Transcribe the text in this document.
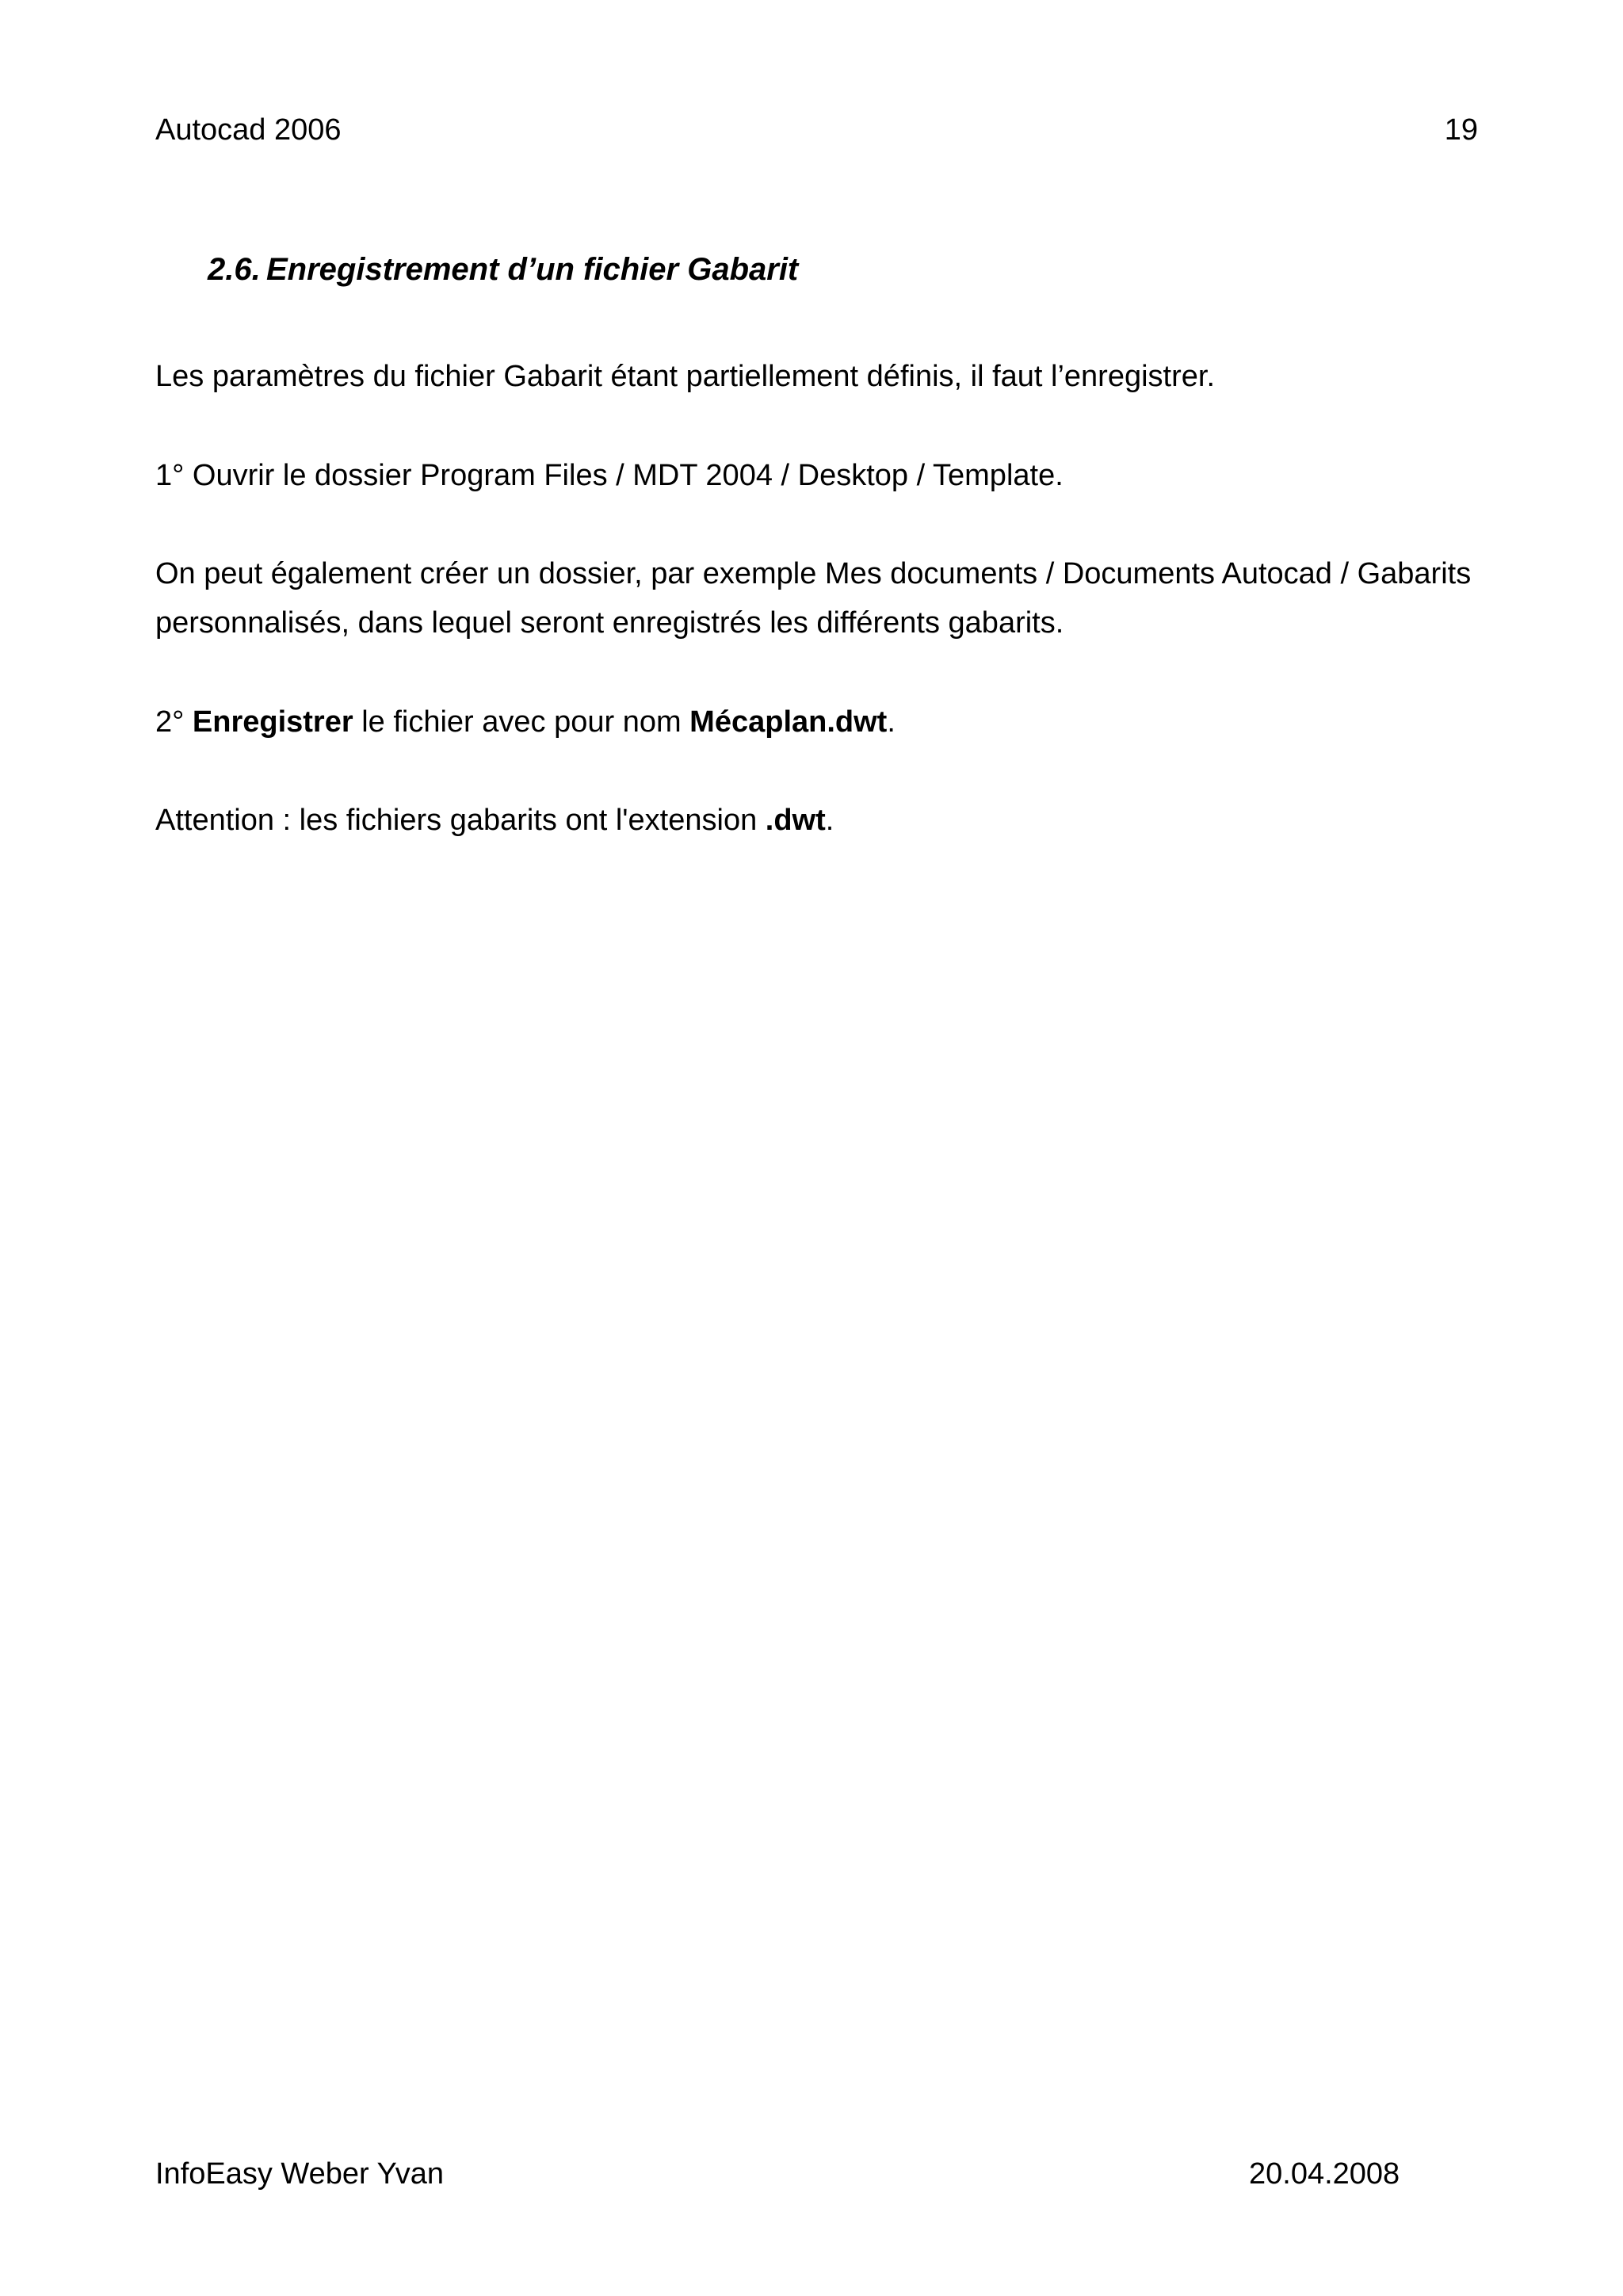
Autocad 2006	19
2.6. Enregistrement d’un fichier Gabarit
Les paramètres du fichier Gabarit étant partiellement définis, il faut l’enregistrer.
1° Ouvrir le dossier Program Files / MDT 2004 / Desktop / Template.
On peut également créer un dossier, par exemple Mes documents / Documents Autocad / Gabarits personnalisés, dans lequel seront enregistrés les différents gabarits.
2° Enregistrer le fichier avec pour nom Mécaplan.dwt.
Attention : les fichiers gabarits ont l'extension .dwt.
InfoEasy Weber Yvan	20.04.2008
